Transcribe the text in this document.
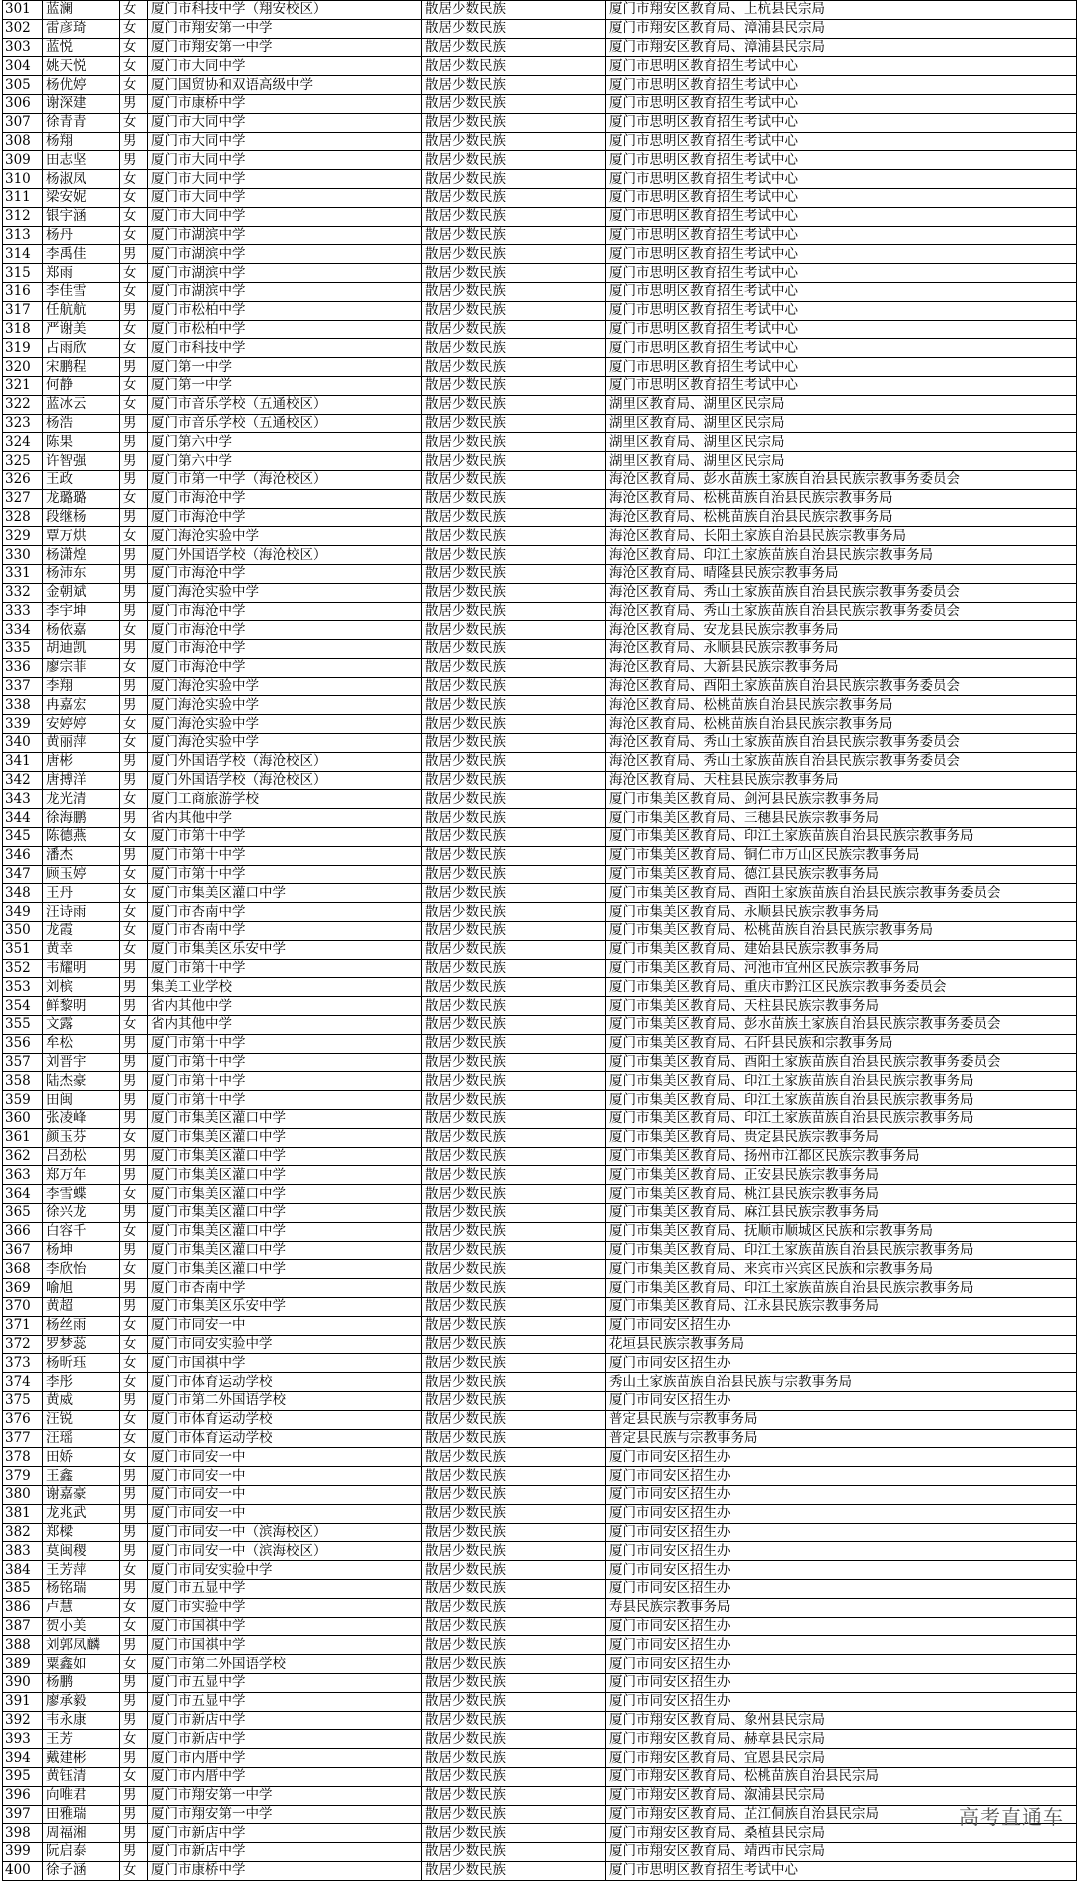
301	蓝澜	女	厦门市科技中学（翔安校区）	散居少数民族	厦门市翔安区教育局、上杭县民宗局
302	雷彦琦	女	厦门市翔安第一中学	散居少数民族	厦门市翔安区教育局、漳浦县民宗局
303	蓝悦	女	厦门市翔安第一中学	散居少数民族	厦门市翔安区教育局、漳浦县民宗局
304	姚天悦	女	厦门市大同中学	散居少数民族	厦门市思明区教育招生考试中心
305	杨优婷	女	厦门国贸协和双语高级中学	散居少数民族	厦门市思明区教育招生考试中心
306	谢深建	男	厦门市康桥中学	散居少数民族	厦门市思明区教育招生考试中心
307	徐青青	女	厦门市大同中学	散居少数民族	厦门市思明区教育招生考试中心
308	杨翔	男	厦门市大同中学	散居少数民族	厦门市思明区教育招生考试中心
309	田志坚	男	厦门市大同中学	散居少数民族	厦门市思明区教育招生考试中心
310	杨淑凤	女	厦门市大同中学	散居少数民族	厦门市思明区教育招生考试中心
311	梁安妮	女	厦门市大同中学	散居少数民族	厦门市思明区教育招生考试中心
312	银宇涵	女	厦门市大同中学	散居少数民族	厦门市思明区教育招生考试中心
313	杨丹	女	厦门市湖滨中学	散居少数民族	厦门市思明区教育招生考试中心
314	李禹佳	男	厦门市湖滨中学	散居少数民族	厦门市思明区教育招生考试中心
315	郑雨	女	厦门市湖滨中学	散居少数民族	厦门市思明区教育招生考试中心
316	李佳雪	女	厦门市湖滨中学	散居少数民族	厦门市思明区教育招生考试中心
317	任航航	男	厦门市松柏中学	散居少数民族	厦门市思明区教育招生考试中心
318	严谢美	女	厦门市松柏中学	散居少数民族	厦门市思明区教育招生考试中心
319	占雨欣	女	厦门市科技中学	散居少数民族	厦门市思明区教育招生考试中心
320	宋鹏程	男	厦门第一中学	散居少数民族	厦门市思明区教育招生考试中心
321	何静	女	厦门第一中学	散居少数民族	厦门市思明区教育招生考试中心
322	蓝冰云	女	厦门市音乐学校（五通校区）	散居少数民族	湖里区教育局、湖里区民宗局
323	杨浩	男	厦门市音乐学校（五通校区）	散居少数民族	湖里区教育局、湖里区民宗局
324	陈果	男	厦门第六中学	散居少数民族	湖里区教育局、湖里区民宗局
325	许智强	男	厦门第六中学	散居少数民族	湖里区教育局、湖里区民宗局
326	王政	男	厦门市第一中学（海沧校区）	散居少数民族	海沧区教育局、彭水苗族土家族自治县民族宗教事务委员会
327	龙璐璐	女	厦门市海沧中学	散居少数民族	海沧区教育局、松桃苗族自治县民族宗教事务局
328	段继杨	男	厦门市海沧中学	散居少数民族	海沧区教育局、松桃苗族自治县民族宗教事务局
329	覃万烘	女	厦门海沧实验中学	散居少数民族	海沧区教育局、长阳土家族自治县民族宗教事务局
330	杨潇煌	男	厦门外国语学校（海沧校区）	散居少数民族	海沧区教育局、印江土家族苗族自治县民族宗教事务局
331	杨沛东	男	厦门市海沧中学	散居少数民族	海沧区教育局、晴隆县民族宗教事务局
332	金朝斌	男	厦门海沧实验中学	散居少数民族	海沧区教育局、秀山土家族苗族自治县民族宗教事务委员会
333	李宇坤	男	厦门市海沧中学	散居少数民族	海沧区教育局、秀山土家族苗族自治县民族宗教事务委员会
334	杨依嘉	女	厦门市海沧中学	散居少数民族	海沧区教育局、安龙县民族宗教事务局
335	胡迪凯	男	厦门市海沧中学	散居少数民族	海沧区教育局、永顺县民族宗教事务局
336	廖宗菲	女	厦门市海沧中学	散居少数民族	海沧区教育局、大新县民族宗教事务局
337	李翔	男	厦门海沧实验中学	散居少数民族	海沧区教育局、酉阳土家族苗族自治县民族宗教事务委员会
338	冉嘉宏	男	厦门海沧实验中学	散居少数民族	海沧区教育局、松桃苗族自治县民族宗教事务局
339	安婷婷	女	厦门海沧实验中学	散居少数民族	海沧区教育局、松桃苗族自治县民族宗教事务局
340	黄丽萍	女	厦门海沧实验中学	散居少数民族	海沧区教育局、秀山土家族苗族自治县民族宗教事务委员会
341	唐彬	男	厦门外国语学校（海沧校区）	散居少数民族	海沧区教育局、秀山土家族苗族自治县民族宗教事务委员会
342	唐搏洋	男	厦门外国语学校（海沧校区）	散居少数民族	海沧区教育局、天柱县民族宗教事务局
343	龙光清	女	厦门工商旅游学校	散居少数民族	厦门市集美区教育局、剑河县民族宗教事务局
344	徐海鹏	男	省内其他中学	散居少数民族	厦门市集美区教育局、三穗县民族宗教事务局
345	陈德燕	女	厦门市第十中学	散居少数民族	厦门市集美区教育局、印江土家族苗族自治县民族宗教事务局
346	潘杰	男	厦门市第十中学	散居少数民族	厦门市集美区教育局、铜仁市万山区民族宗教事务局
347	顾玉婷	女	厦门市第十中学	散居少数民族	厦门市集美区教育局、德江县民族宗教事务局
348	王丹	女	厦门市集美区灌口中学	散居少数民族	厦门市集美区教育局、酉阳土家族苗族自治县民族宗教事务委员会
349	汪诗雨	女	厦门市杏南中学	散居少数民族	厦门市集美区教育局、永顺县民族宗教事务局
350	龙霞	女	厦门市杏南中学	散居少数民族	厦门市集美区教育局、松桃苗族自治县民族宗教事务局
351	黄幸	女	厦门市集美区乐安中学	散居少数民族	厦门市集美区教育局、建始县民族宗教事务局
352	韦耀明	男	厦门市第十中学	散居少数民族	厦门市集美区教育局、河池市宜州区民族宗教事务局
353	刘槟	男	集美工业学校	散居少数民族	厦门市集美区教育局、重庆市黔江区民族宗教事务委员会
354	鲜黎明	男	省内其他中学	散居少数民族	厦门市集美区教育局、天柱县民族宗教事务局
355	文露	女	省内其他中学	散居少数民族	厦门市集美区教育局、彭水苗族土家族自治县民族宗教事务委员会
356	牟松	男	厦门市第十中学	散居少数民族	厦门市集美区教育局、石阡县民族和宗教事务局
357	刘晋宇	男	厦门市第十中学	散居少数民族	厦门市集美区教育局、酉阳土家族苗族自治县民族宗教事务委员会
358	陆杰豪	男	厦门市第十中学	散居少数民族	厦门市集美区教育局、印江土家族苗族自治县民族宗教事务局
359	田闽	男	厦门市第十中学	散居少数民族	厦门市集美区教育局、印江土家族苗族自治县民族宗教事务局
360	张凌峰	男	厦门市集美区灌口中学	散居少数民族	厦门市集美区教育局、印江土家族苗族自治县民族宗教事务局
361	颜玉芬	女	厦门市集美区灌口中学	散居少数民族	厦门市集美区教育局、贵定县民族宗教事务局
362	吕劲松	男	厦门市集美区灌口中学	散居少数民族	厦门市集美区教育局、扬州市江都区民族宗教事务局
363	郑万年	男	厦门市集美区灌口中学	散居少数民族	厦门市集美区教育局、正安县民族宗教事务局
364	李雪蝶	女	厦门市集美区灌口中学	散居少数民族	厦门市集美区教育局、桃江县民族宗教事务局
365	徐兴龙	男	厦门市集美区灌口中学	散居少数民族	厦门市集美区教育局、麻江县民族宗教事务局
366	白容千	女	厦门市集美区灌口中学	散居少数民族	厦门市集美区教育局、抚顺市顺城区民族和宗教事务局
367	杨坤	男	厦门市集美区灌口中学	散居少数民族	厦门市集美区教育局、印江土家族苗族自治县民族宗教事务局
368	李欣怡	女	厦门市集美区灌口中学	散居少数民族	厦门市集美区教育局、来宾市兴宾区民族和宗教事务局
369	喻旭	男	厦门市杏南中学	散居少数民族	厦门市集美区教育局、印江土家族苗族自治县民族宗教事务局
370	黄超	男	厦门市集美区乐安中学	散居少数民族	厦门市集美区教育局、江永县民族宗教事务局
371	杨丝雨	女	厦门市同安一中	散居少数民族	厦门市同安区招生办
372	罗梦蕊	女	厦门市同安实验中学	散居少数民族	花垣县民族宗教事务局
373	杨昕珏	女	厦门市国祺中学	散居少数民族	厦门市同安区招生办
374	李彤	女	厦门市体育运动学校	散居少数民族	秀山土家族苗族自治县民族与宗教事务局
375	黄威	男	厦门市第二外国语学校	散居少数民族	厦门市同安区招生办
376	汪锐	女	厦门市体育运动学校	散居少数民族	普定县民族与宗教事务局
377	汪瑶	女	厦门市体育运动学校	散居少数民族	普定县民族与宗教事务局
378	田娇	女	厦门市同安一中	散居少数民族	厦门市同安区招生办
379	王鑫	男	厦门市同安一中	散居少数民族	厦门市同安区招生办
380	谢嘉豪	男	厦门市同安一中	散居少数民族	厦门市同安区招生办
381	龙兆武	男	厦门市同安一中	散居少数民族	厦门市同安区招生办
382	郑樑	男	厦门市同安一中（滨海校区）	散居少数民族	厦门市同安区招生办
383	莫闽稷	男	厦门市同安一中（滨海校区）	散居少数民族	厦门市同安区招生办
384	王芳萍	女	厦门市同安实验中学	散居少数民族	厦门市同安区招生办
385	杨铭瑞	男	厦门市五显中学	散居少数民族	厦门市同安区招生办
386	卢慧	女	厦门市实验中学	散居少数民族	寿县民族宗教事务局
387	贺小美	女	厦门市国祺中学	散居少数民族	厦门市同安区招生办
388	刘郭凤麟	男	厦门市国祺中学	散居少数民族	厦门市同安区招生办
389	粟鑫如	女	厦门市第二外国语学校	散居少数民族	厦门市同安区招生办
390	杨鹏	男	厦门市五显中学	散居少数民族	厦门市同安区招生办
391	廖承毅	男	厦门市五显中学	散居少数民族	厦门市同安区招生办
392	韦永康	男	厦门市新店中学	散居少数民族	厦门市翔安区教育局、象州县民宗局
393	王芳	女	厦门市新店中学	散居少数民族	厦门市翔安区教育局、赫章县民宗局
394	戴建彬	男	厦门市内厝中学	散居少数民族	厦门市翔安区教育局、宜恩县民宗局
395	黄钰清	女	厦门市内厝中学	散居少数民族	厦门市翔安区教育局、松桃苗族自治县民宗局
396	向唯君	男	厦门市翔安第一中学	散居少数民族	厦门市翔安区教育局、溆浦县民宗局
397	田雅瑞	男	厦门市翔安第一中学	散居少数民族	厦门市翔安区教育局、芷江侗族自治县民宗局
398	周福湘	男	厦门市新店中学	散居少数民族	厦门市翔安区教育局、桑植县民宗局
399	阮启泰	男	厦门市新店中学	散居少数民族	厦门市翔安区教育局、靖西市民宗局
400	徐子涵	女	厦门市康桥中学	散居少数民族	厦门市思明区教育招生考试中心
高考直通车
